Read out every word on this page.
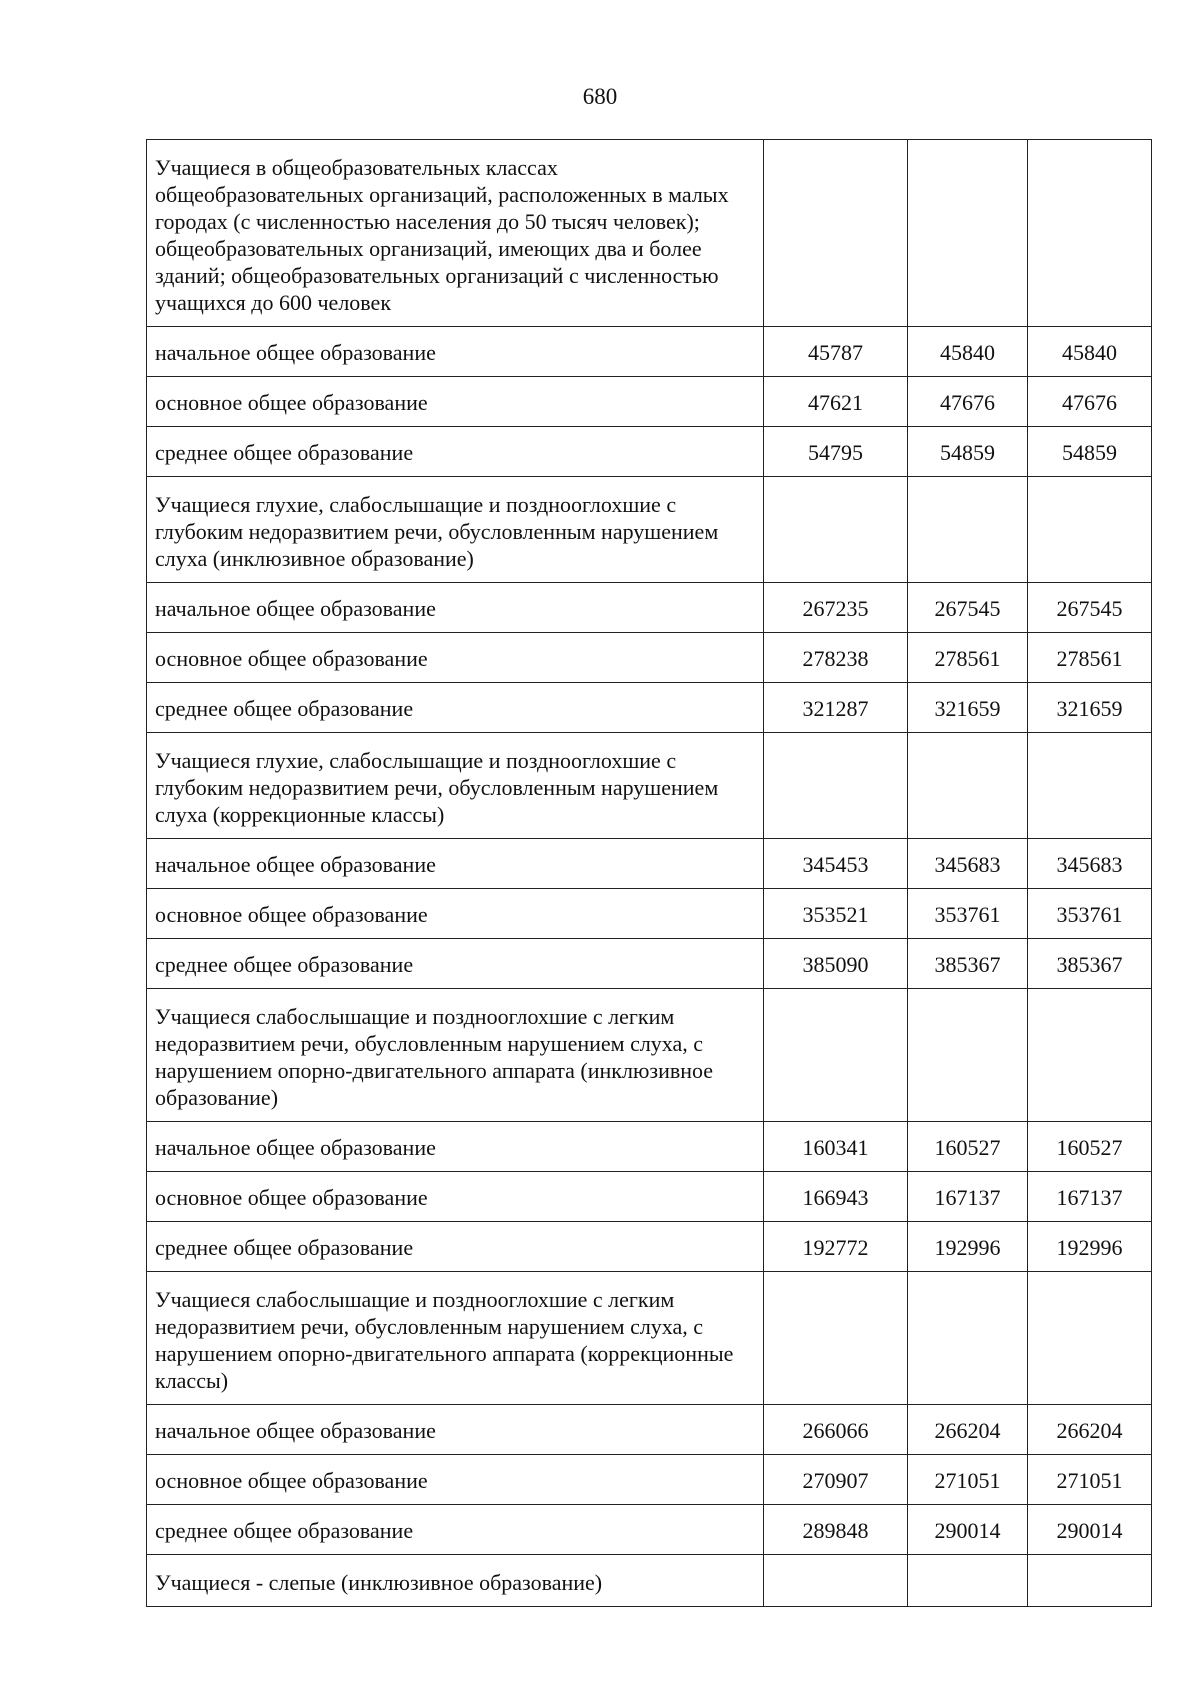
680
Учащиеся в общеобразовательных классах общеобразовательных организаций, расположенных в малых городах (с численностью населения до 50 тысяч человек); общеобразовательных организаций, имеющих два и более зданий; общеобразовательных организаций с численностью учащихся до 600 человек			
начальное общее образование	45787	45840	45840
основное общее образование	47621	47676	47676
среднее общее образование	54795	54859	54859
Учащиеся глухие, слабослышащие и позднооглохшие с глубоким недоразвитием речи, обусловленным нарушением слуха (инклюзивное образование)			
начальное общее образование	267235	267545	267545
основное общее образование	278238	278561	278561
среднее общее образование	321287	321659	321659
Учащиеся глухие, слабослышащие и позднооглохшие с глубоким недоразвитием речи, обусловленным нарушением слуха (коррекционные классы)			
начальное общее образование	345453	345683	345683
основное общее образование	353521	353761	353761
среднее общее образование	385090	385367	385367
Учащиеся слабослышащие и позднооглохшие с легким недоразвитием речи, обусловленным нарушением слуха, с нарушением опорно-двигательного аппарата (инклюзивное образование)			
начальное общее образование	160341	160527	160527
основное общее образование	166943	167137	167137
среднее общее образование	192772	192996	192996
Учащиеся слабослышащие и позднооглохшие с легким недоразвитием речи, обусловленным нарушением слуха, с нарушением опорно-двигательного аппарата (коррекционные классы)			
начальное общее образование	266066	266204	266204
основное общее образование	270907	271051	271051
среднее общее образование	289848	290014	290014
Учащиеся - слепые (инклюзивное образование)			
